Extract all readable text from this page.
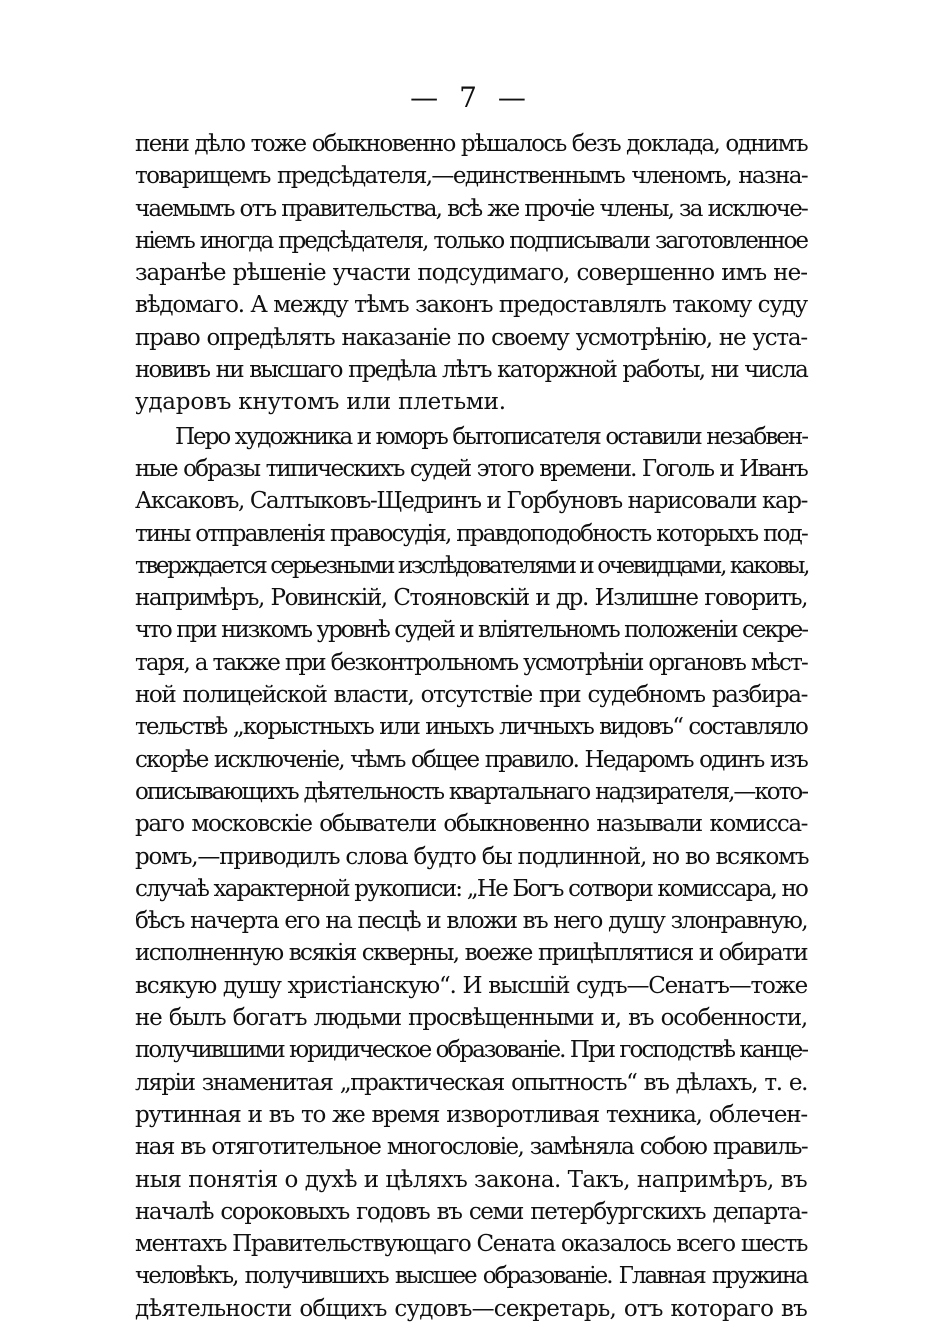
— 7 —
пени дѣло тоже обыкновенно рѣшалось безъ доклада, однимъ
товарищемъ предсѣдателя,—единственнымъ членомъ, назна-
чаемымъ отъ правительства, всѣ же прочіе члены, за исключе-
ніемъ иногда предсѣдателя, только подписывали заготовленное
заранѣе рѣшеніе участи подсудимаго, совершенно имъ не-
вѣдомаго. А между тѣмъ законъ предоставлялъ такому суду
право опредѣлять наказаніе по своему усмотрѣнію, не уста-
новивъ ни высшаго предѣла лѣтъ каторжной работы, ни числа
ударовъ кнутомъ или плетьми.
Перо художника и юморъ бытописателя оставили незабвен-
ные образы типическихъ судей этого времени. Гоголь и Иванъ
Аксаковъ, Салтыковъ-Щедринъ и Горбуновъ нарисовали кар-
тины отправленія правосудія, правдоподобность которыхъ под-
тверждается серьезными изслѣдователями и очевидцами, каковы,
напримѣръ, Ровинскій, Стояновскій и др. Излишне говорить,
что при низкомъ уровнѣ судей и вліятельномъ положеніи секре-
таря, а также при безконтрольномъ усмотрѣніи органовъ мѣст-
ной полицейской власти, отсутствіе при судебномъ разбира-
тельствѣ „корыстныхъ или иныхъ личныхъ видовъ“ составляло
скорѣе исключеніе, чѣмъ общее правило. Недаромъ одинъ изъ
описывающихъ дѣятельность квартальнаго надзирателя,—кото-
раго московскіе обыватели обыкновенно называли комисса-
ромъ,—приводилъ слова будто бы подлинной, но во всякомъ
случаѣ характерной рукописи: „Не Богъ сотвори комиссара, но
бѣсъ начерта его на песцѣ и вложи въ него душу злонравную,
исполненную всякія скверны, воеже прицѣплятися и обирати
всякую душу христіанскую“. И высшій судъ—Сенатъ—тоже
не былъ богатъ людьми просвѣщенными и, въ особенности,
получившими юридическое образованіе. При господствѣ канце-
ляріи знаменитая „практическая опытность“ въ дѣлахъ, т. е.
рутинная и въ то же время изворотливая техника, облечен-
ная въ отяготительное многословіе, замѣняла собою правиль-
ныя понятія о духѣ и цѣляхъ закона. Такъ, напримѣръ, въ
началѣ сороковыхъ годовъ въ семи петербургскихъ департа-
ментахъ Правительствующаго Сената оказалось всего шесть
человѣкъ, получившихъ высшее образованіе. Главная пружина
дѣятельности общихъ судовъ—секретарь, отъ котораго въ
